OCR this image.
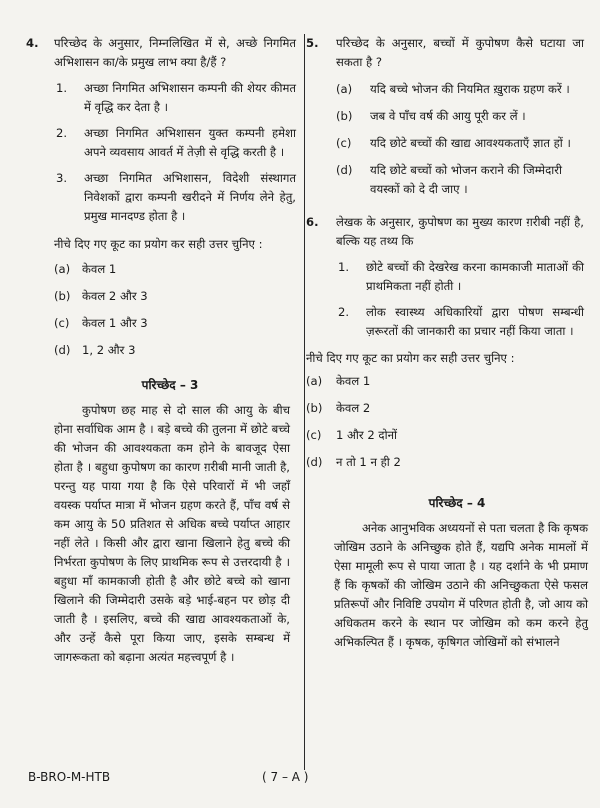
4. परिच्छेद के अनुसार, निम्नलिखित में से, अच्छे निगमित अभिशासन का/के प्रमुख लाभ क्या है/हैं ?
1. अच्छा निगमित अभिशासन कम्पनी की शेयर कीमत में वृद्धि कर देता है ।
2. अच्छा निगमित अभिशासन युक्त कम्पनी हमेशा अपने व्यवसाय आवर्त में तेज़ी से वृद्धि करती है ।
3. अच्छा निगमित अभिशासन, विदेशी संस्थागत निवेशकों द्वारा कम्पनी खरीदने में निर्णय लेने हेतु, प्रमुख मानदण्ड होता है ।
नीचे दिए गए कूट का प्रयोग कर सही उत्तर चुनिए :
(a) केवल 1
(b) केवल 2 और 3
(c) केवल 1 और 3
(d) 1, 2 और 3
परिच्छेद – 3
कुपोषण छह माह से दो साल की आयु के बीच होना सर्वाधिक आम है । बड़े बच्चे की तुलना में छोटे बच्चे की भोजन की आवश्यकता कम होने के बावजूद ऐसा होता है । बहुधा कुपोषण का कारण ग़रीबी मानी जाती है, परन्तु यह पाया गया है कि ऐसे परिवारों में भी जहाँ वयस्क पर्याप्त मात्रा में भोजन ग्रहण करते हैं, पाँच वर्ष से कम आयु के 50 प्रतिशत से अधिक बच्चे पर्याप्त आहार नहीं लेते । किसी और द्वारा खाना खिलाने हेतु बच्चे की निर्भरता कुपोषण के लिए प्राथमिक रूप से उत्तरदायी है । बहुधा माँ कामकाजी होती है और छोटे बच्चे को खाना खिलाने की जिम्मेदारी उसके बड़े भाई-बहन पर छोड़ दी जाती है । इसलिए, बच्चे की खाद्य आवश्यकताओं के, और उन्हें कैसे पूरा किया जाए, इसके सम्बन्ध में जागरूकता को बढ़ाना अत्यंत महत्त्वपूर्ण है ।
5. परिच्छेद के अनुसार, बच्चों में कुपोषण कैसे घटाया जा सकता है ?
(a) यदि बच्चे भोजन की नियमित ख़ुराक ग्रहण करें ।
(b) जब वे पाँच वर्ष की आयु पूरी कर लें ।
(c) यदि छोटे बच्चों की खाद्य आवश्यकताएँ ज्ञात हों ।
(d) यदि छोटे बच्चों को भोजन कराने की जिम्मेदारी वयस्कों को दे दी जाए ।
6. लेखक के अनुसार, कुपोषण का मुख्य कारण ग़रीबी नहीं है, बल्कि यह तथ्य कि
1. छोटे बच्चों की देखरेख करना कामकाजी माताओं की प्राथमिकता नहीं होती ।
2. लोक स्वास्थ्य अधिकारियों द्वारा पोषण सम्बन्धी ज़रूरतों की जानकारी का प्रचार नहीं किया जाता ।
नीचे दिए गए कूट का प्रयोग कर सही उत्तर चुनिए :
(a) केवल 1
(b) केवल 2
(c) 1 और 2 दोनों
(d) न तो 1 न ही 2
परिच्छेद – 4
अनेक आनुभविक अध्ययनों से पता चलता है कि कृषक जोखिम उठाने के अनिच्छुक होते हैं, यद्यपि अनेक मामलों में ऐसा मामूली रूप से पाया जाता है । यह दर्शाने के भी प्रमाण हैं कि कृषकों की जोखिम उठाने की अनिच्छुकता ऐसे फसल प्रतिरूपों और निविष्टि उपयोग में परिणत होती है, जो आय को अधिकतम करने के स्थान पर जोखिम को कम करने हेतु अभिकल्पित हैं । कृषक, कृषिगत जोखिमों को संभालने
B-BRO-M-HTB	( 7 – A )
